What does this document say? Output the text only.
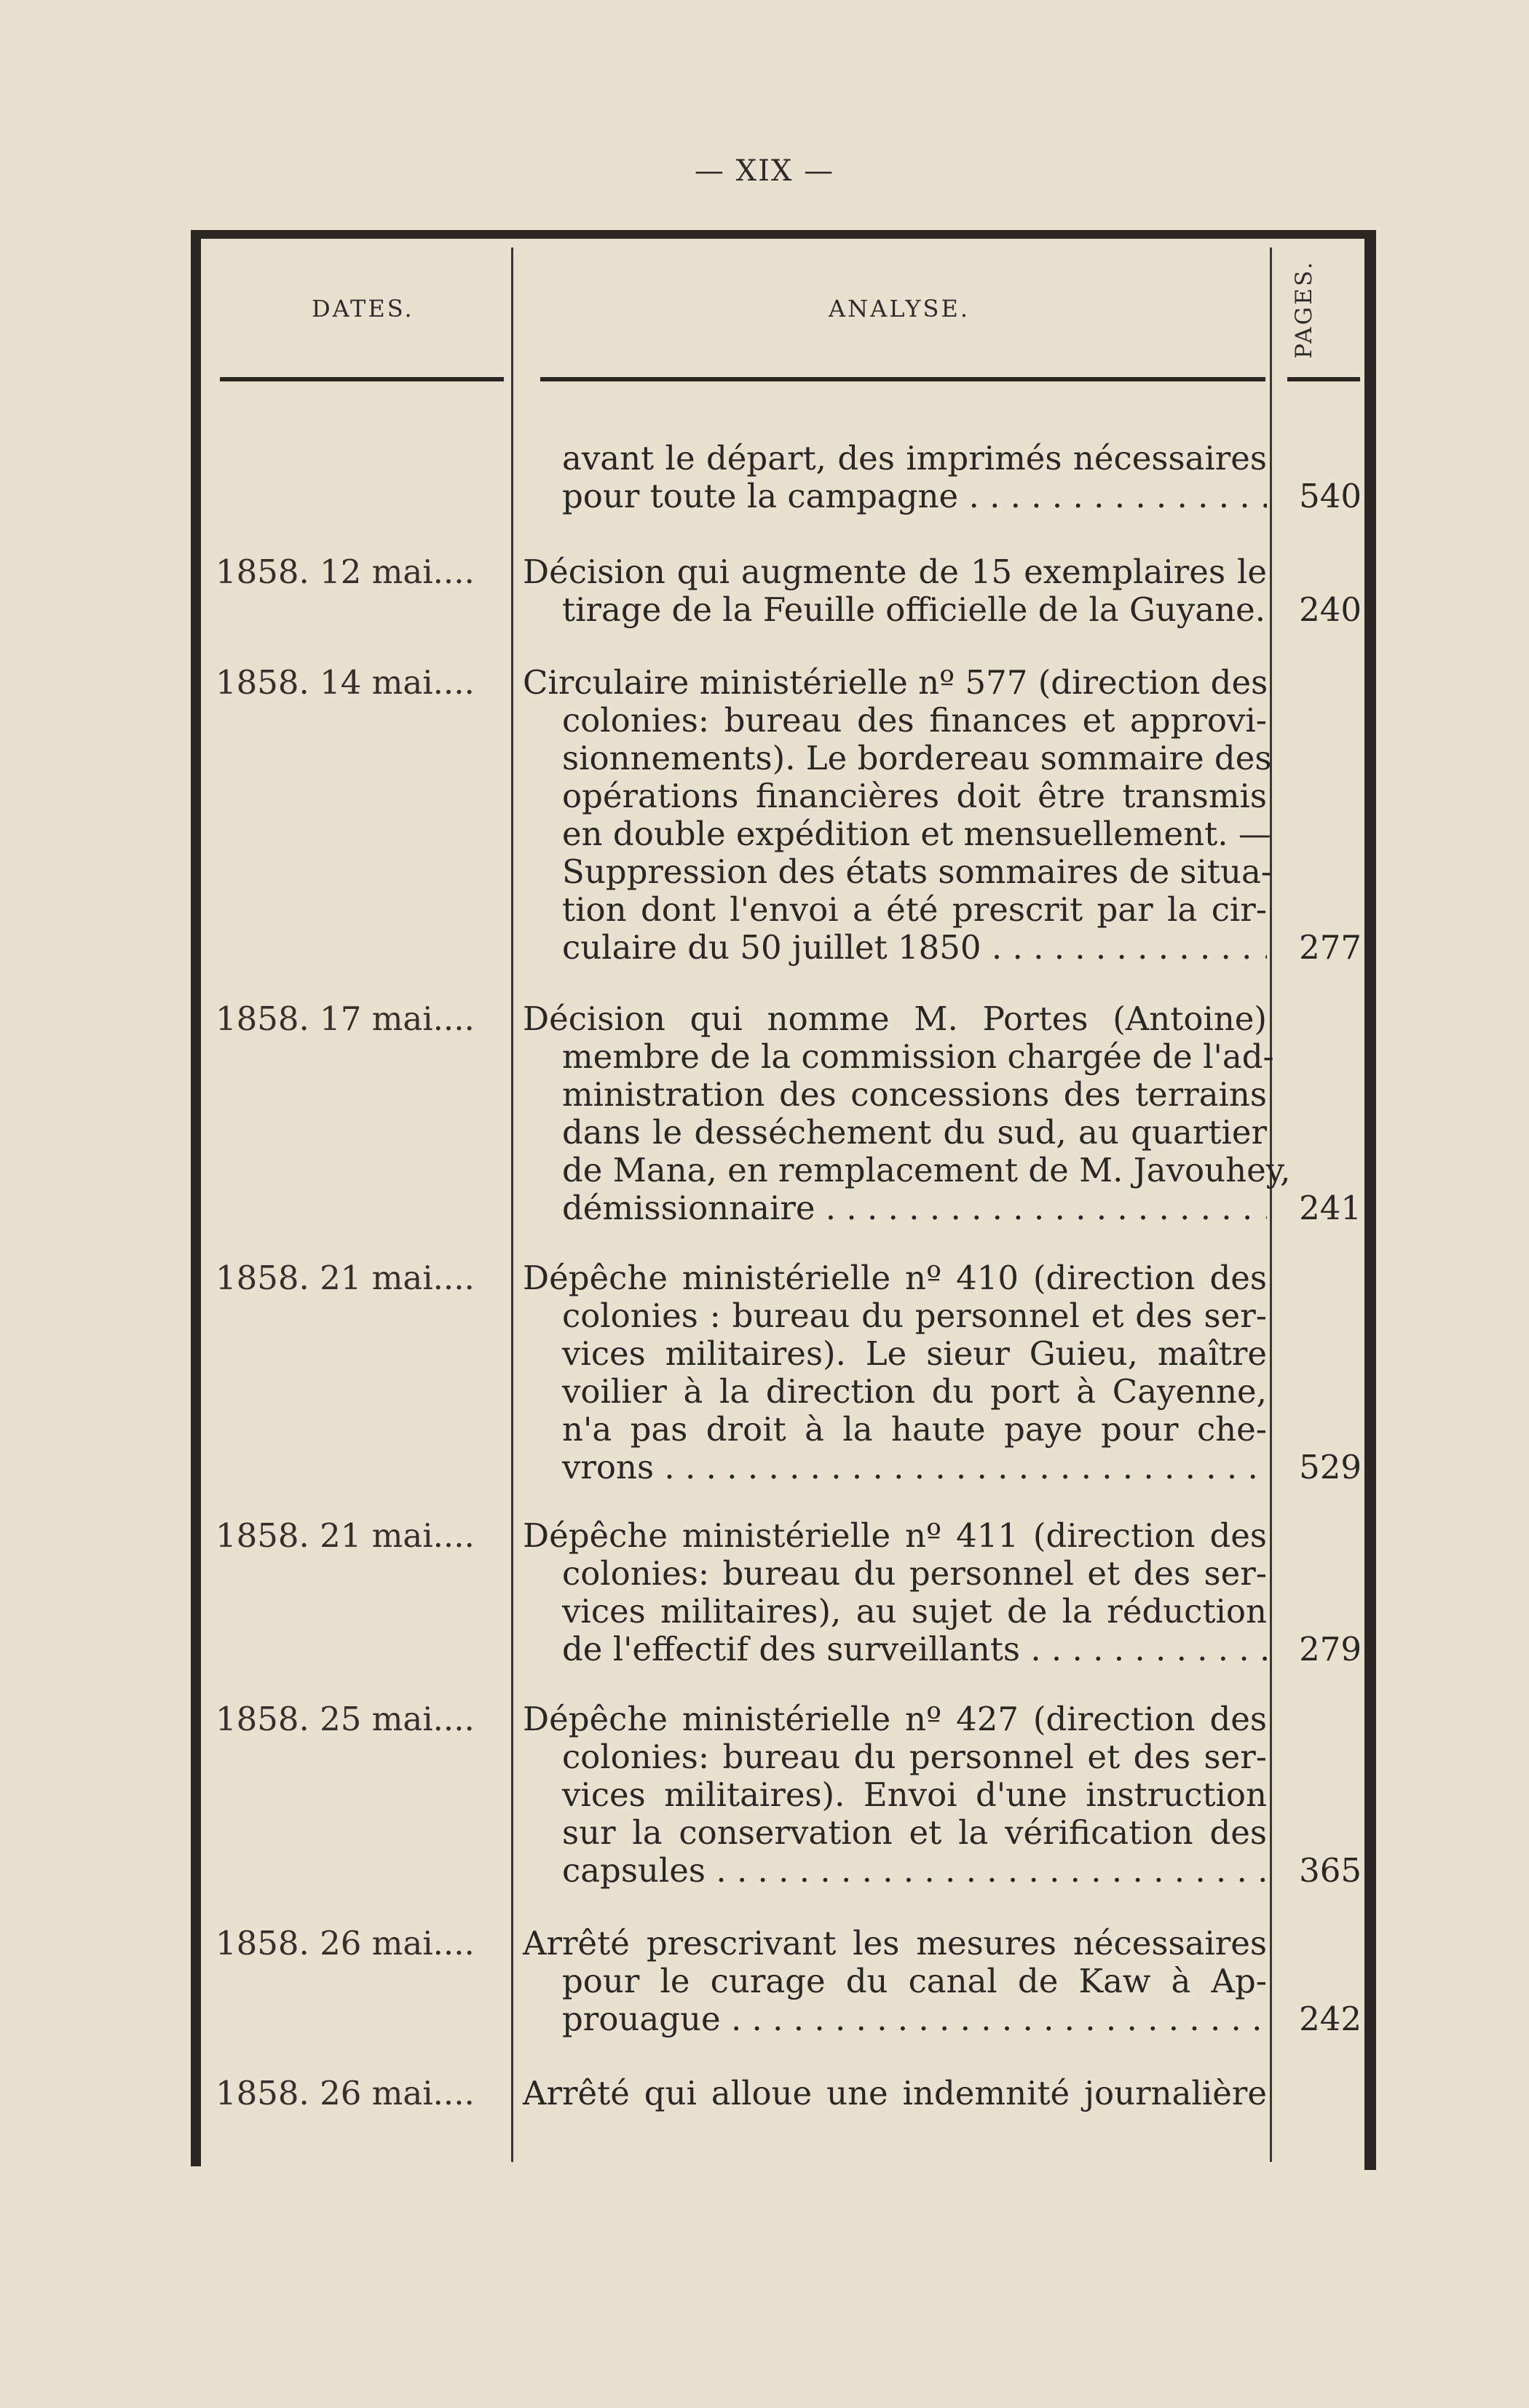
— XIX —
DATES.	ANALYSE.	PAGES.
avant le départ, des imprimés nécessaires
pour toute la campagne . . .	540
1858. 12 mai....	Décision qui augmente de 15 exemplaires le
tirage de la Feuille officielle de la Guyane.	240
1858. 14 mai....	Circulaire ministérielle nº 577 (direction des
colonies: bureau des finances et approvi-
sionnements). Le bordereau sommaire des
opérations financières doit être transmis
en double expédition et mensuellement. —
Suppression des états sommaires de situa-
tion dont l'envoi a été prescrit par la cir-
culaire du 50 juillet 1850 . . .	277
1858. 17 mai....	Décision qui nomme M. Portes (Antoine)
membre de la commission chargée de l'ad-
ministration des concessions des terrains
dans le desséchement du sud, au quartier
de Mana, en remplacement de M. Javouhey,
démissionnaire . . .	241
1858. 21 mai....	Dépêche ministérielle nº 410 (direction des
colonies : bureau du personnel et des ser-
vices militaires). Le sieur Guieu, maître
voilier à la direction du port à Cayenne,
n'a pas droit à la haute paye pour che-
vrons . . .	529
1858. 21 mai....	Dépêche ministérielle nº 411 (direction des
colonies: bureau du personnel et des ser-
vices militaires), au sujet de la réduction
de l'effectif des surveillants . . .	279
1858. 25 mai....	Dépêche ministérielle nº 427 (direction des
colonies: bureau du personnel et des ser-
vices militaires). Envoi d'une instruction
sur la conservation et la vérification des
capsules . . .	365
1858. 26 mai....	Arrêté prescrivant les mesures nécessaires
pour le curage du canal de Kaw à Ap-
prouague . . .	242
1858. 26 mai....	Arrêté qui alloue une indemnité journalière
